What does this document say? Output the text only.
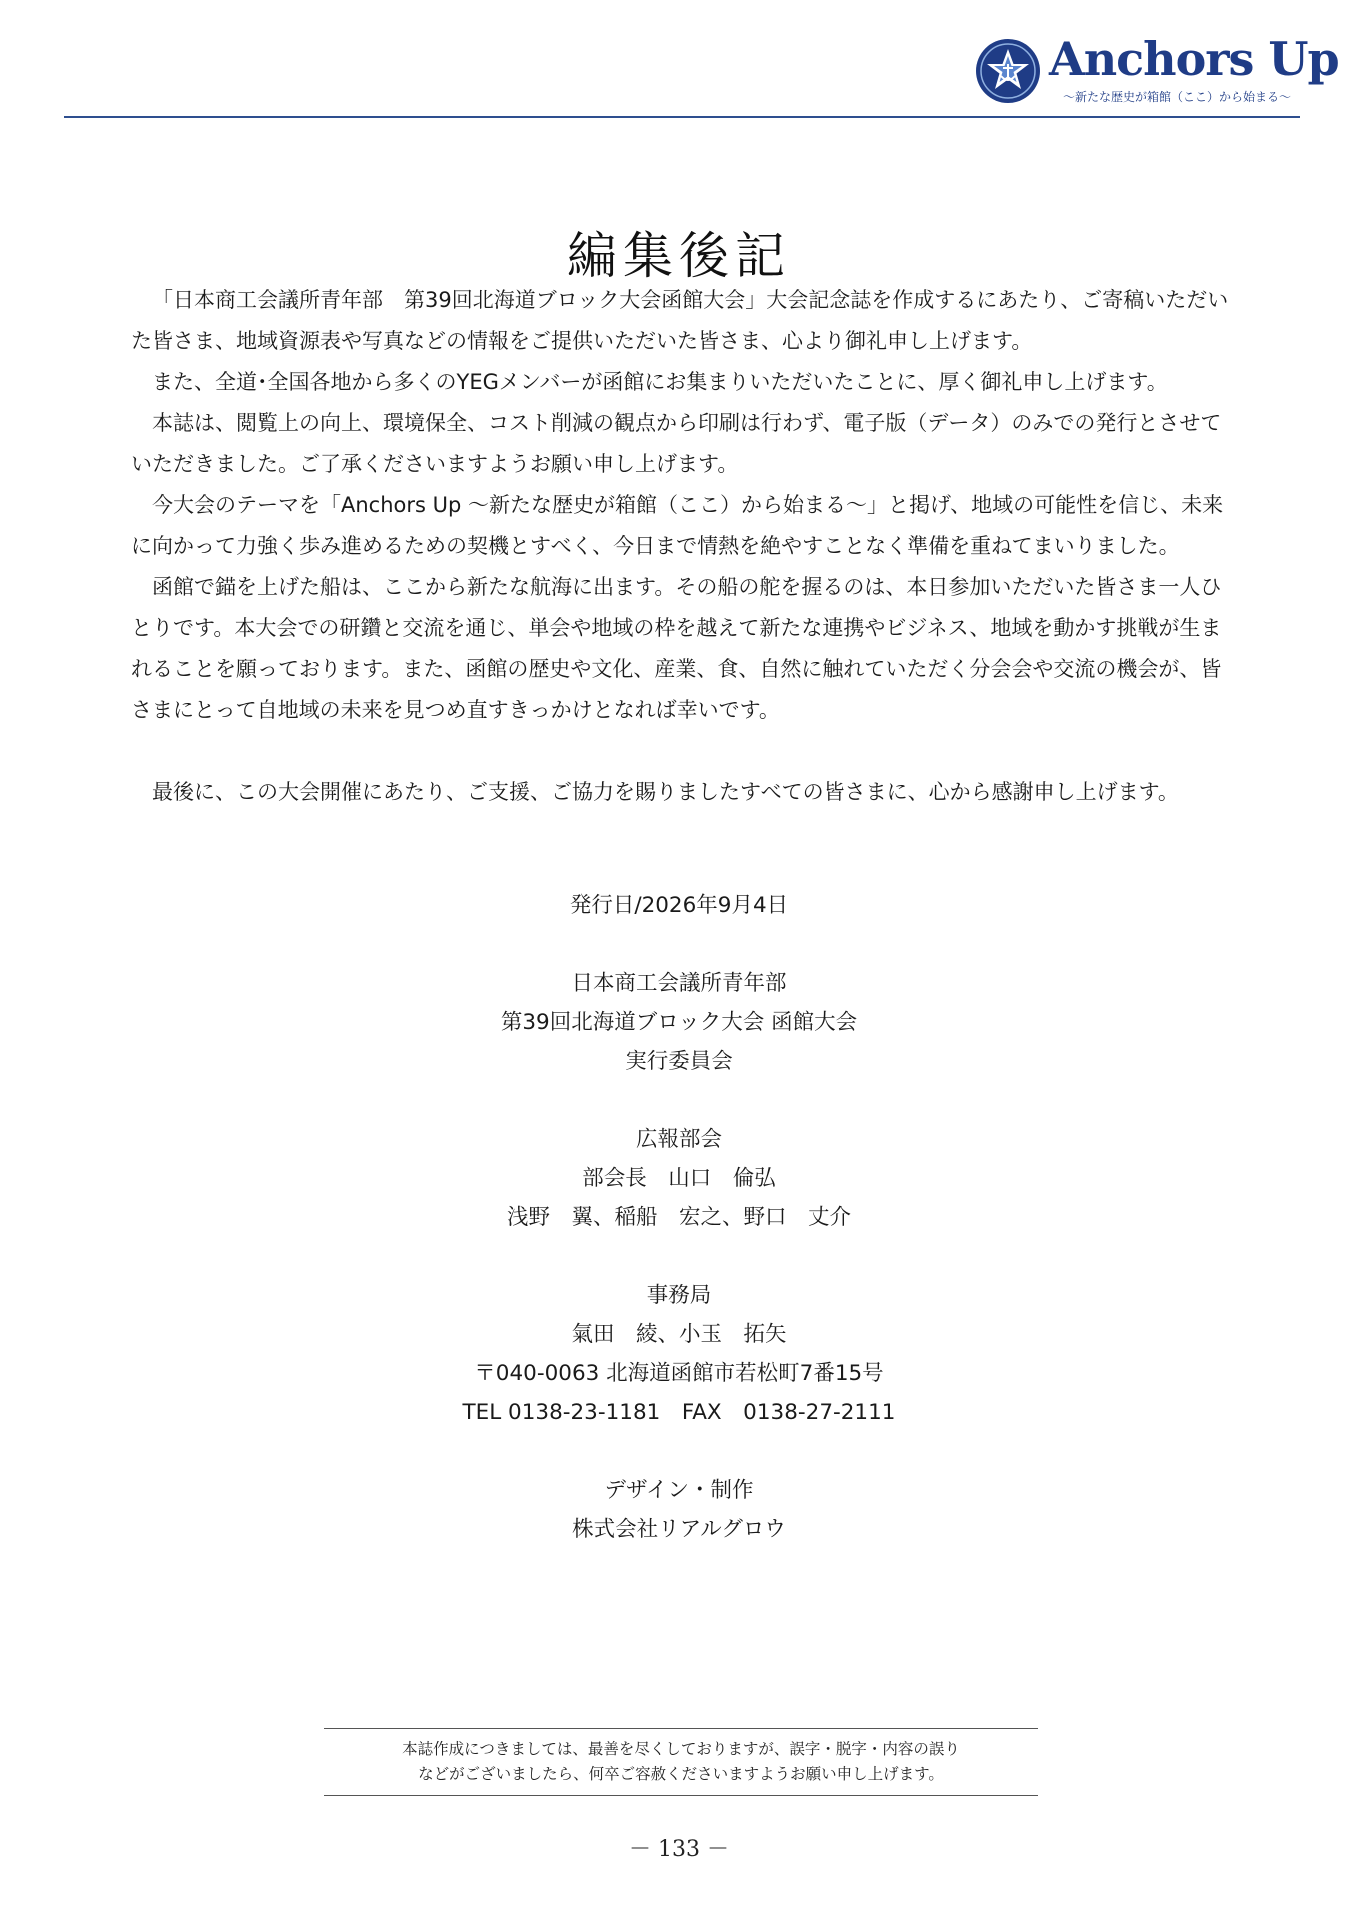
Anchors Up
〜新たな歴史が箱館（ここ）から始まる〜
編集後記

「日本商工会議所青年部　第39回北海道ブロック大会函館大会」大会記念誌を作成するにあたり、ご寄稿いただいた皆さま、地域資源表や写真などの情報をご提供いただいた皆さま、心より御礼申し上げます。

また、全道･全国各地から多くのYEGメンバーが函館にお集まりいただいたことに、厚く御礼申し上げます。

本誌は、閲覧上の向上、環境保全、コスト削減の観点から印刷は行わず、電子版（データ）のみでの発行とさせていただきました。ご了承くださいますようお願い申し上げます。

今大会のテーマを「Anchors Up 〜新たな歴史が箱館（ここ）から始まる〜」と掲げ、地域の可能性を信じ、未来に向かって力強く歩み進めるための契機とすべく、今日まで情熱を絶やすことなく準備を重ねてまいりました。

函館で錨を上げた船は、ここから新たな航海に出ます。その船の舵を握るのは、本日参加いただいた皆さま一人ひとりです。本大会での研鑽と交流を通じ、単会や地域の枠を越えて新たな連携やビジネス、地域を動かす挑戦が生まれることを願っております。また、函館の歴史や文化、産業、食、自然に触れていただく分会会や交流の機会が、皆さまにとって自地域の未来を見つめ直すきっかけとなれば幸いです。

最後に、この大会開催にあたり、ご支援、ご協力を賜りましたすべての皆さまに、心から感謝申し上げます。

発行日/2026年9月4日
日本商工会議所青年部
第39回北海道ブロック大会 函館大会
実行委員会
広報部会
部会長　山口　倫弘
浅野　翼、稲船　宏之、野口　丈介
事務局
氣田　綾、小玉　拓矢
〒040-0063 北海道函館市若松町7番15号
TEL 0138-23-1181　FAX　0138-27-2111
デザイン・制作
株式会社リアルグロウ
本誌作成につきましては、最善を尽くしておりますが、誤字・脱字・内容の誤り
などがございましたら、何卒ご容赦くださいますようお願い申し上げます。
－ 133 －
